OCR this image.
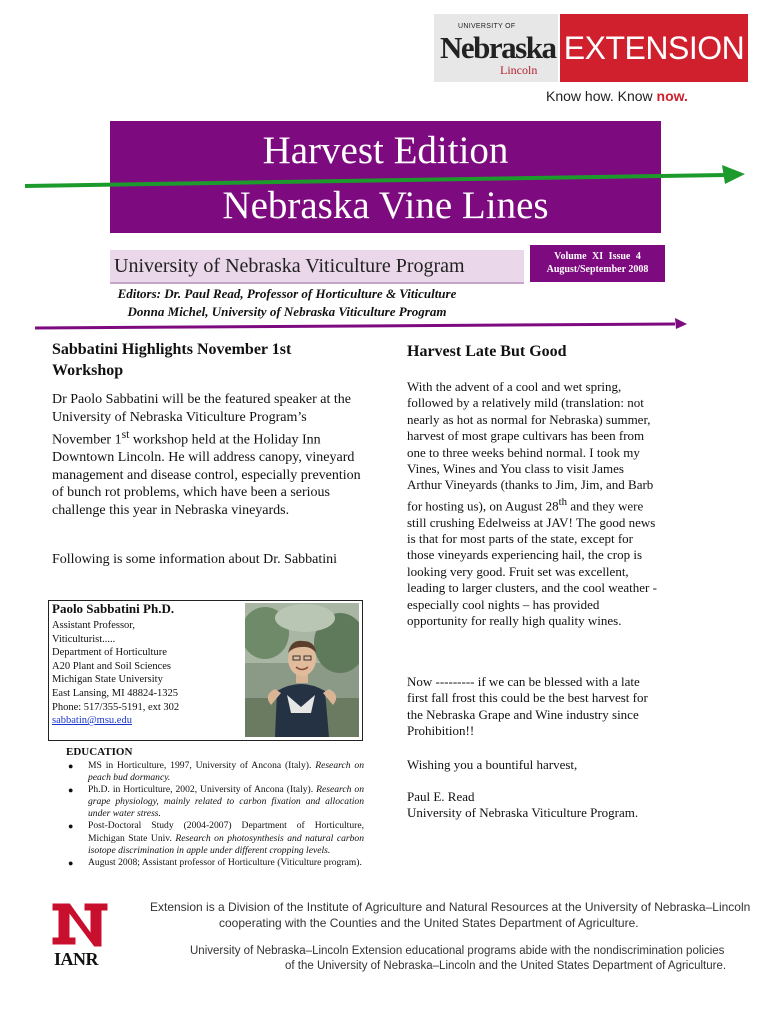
UNIVERSITY OF
Nebraska
Lincoln
EXTENSION
Know how. Know now.
Harvest Edition
Nebraska Vine Lines
University of Nebraska Viticulture Program	Volume XI Issue 4
August/September 2008
Editors: Dr. Paul Read, Professor of Horticulture & Viticulture
Donna Michel, University of Nebraska Viticulture Program
Sabbatini Highlights November 1st Workshop
Dr Paolo Sabbatini will be the featured speaker at the University of Nebraska Viticulture Program’s November 1st workshop held at the Holiday Inn Downtown Lincoln. He will address canopy, vineyard management and disease control, especially prevention of bunch rot problems, which have been a serious challenge this year in Nebraska vineyards.
Following is some information about Dr. Sabbatini
Paolo Sabbatini Ph.D.
Assistant Professor,
Viticulturist.....
Department of Horticulture
A20 Plant and Soil Sciences
Michigan State University
East Lansing, MI 48824-1325
Phone: 517/355-5191, ext 302
sabbatin@msu.edu
EDUCATION
● MS in Horticulture, 1997, University of Ancona (Italy). Research on peach bud dormancy.
● Ph.D. in Horticulture, 2002, University of Ancona (Italy). Research on grape physiology, mainly related to carbon fixation and allocation under water stress.
● Post-Doctoral Study (2004-2007) Department of Horticulture, Michigan State Univ. Research on photosynthesis and natural carbon isotope discrimination in apple under different cropping levels.
● August 2008; Assistant professor of Horticulture (Viticulture program).
Harvest Late But Good
With the advent of a cool and wet spring, followed by a relatively mild (translation: not nearly as hot as normal for Nebraska) summer, harvest of most grape cultivars has been from one to three weeks behind normal. I took my Vines, Wines and You class to visit James Arthur Vineyards (thanks to Jim, Jim, and Barb for hosting us), on August 28th and they were still crushing Edelweiss at JAV! The good news is that for most parts of the state, except for those vineyards experiencing hail, the crop is looking very good. Fruit set was excellent, leading to larger clusters, and the cool weather - especially cool nights – has provided opportunity for really high quality wines.
Now --------- if we can be blessed with a late first fall frost this could be the best harvest for the Nebraska Grape and Wine industry since Prohibition!!
Wishing you a bountiful harvest,
Paul E. Read
University of Nebraska Viticulture Program.
IANR
Extension is a Division of the Institute of Agriculture and Natural Resources at the University of Nebraska–Lincoln
cooperating with the Counties and the United States Department of Agriculture.
University of Nebraska–Lincoln Extension educational programs abide with the nondiscrimination policies
of the University of Nebraska–Lincoln and the United States Department of Agriculture.
